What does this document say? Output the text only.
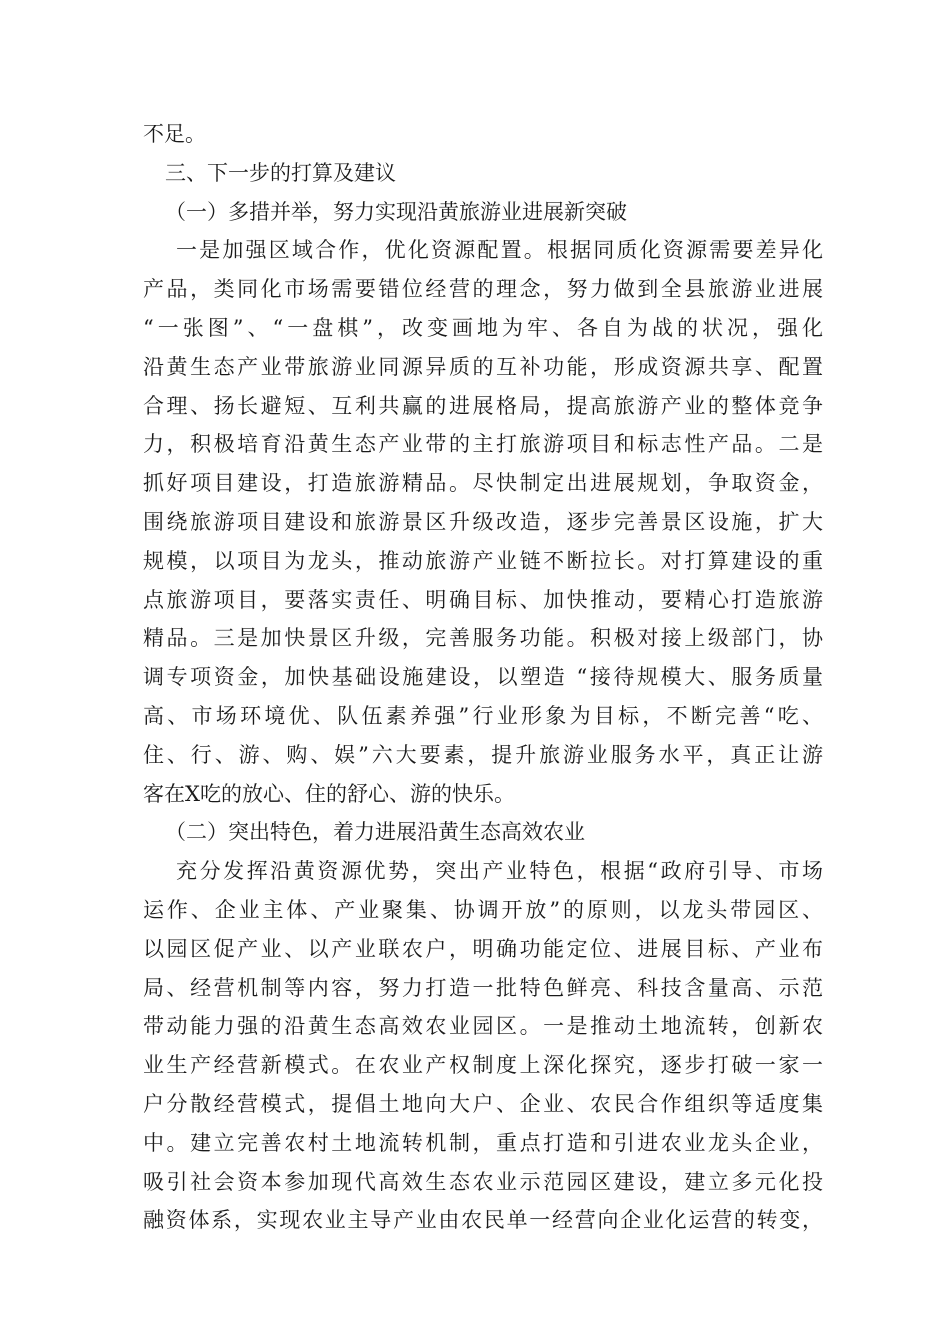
不足。
三、下一步的打算及建议
（一）多措并举，努力实现沿黄旅游业进展新突破
一是加强区域合作，优化资源配置。根据同质化资源需要差异化
产品，类同化市场需要错位经营的理念，努力做到全县旅游业进展
“一张图”、“一盘棋”，改变画地为牢、各自为战的状况，强化
沿黄生态产业带旅游业同源异质的互补功能，形成资源共享、配置
合理、扬长避短、互利共赢的进展格局，提高旅游产业的整体竞争
力，积极培育沿黄生态产业带的主打旅游项目和标志性产品。二是
抓好项目建设，打造旅游精品。尽快制定出进展规划，争取资金，
围绕旅游项目建设和旅游景区升级改造，逐步完善景区设施，扩大
规模，以项目为龙头，推动旅游产业链不断拉长。对打算建设的重
点旅游项目，要落实责任、明确目标、加快推动，要精心打造旅游
精品。三是加快景区升级，完善服务功能。积极对接上级部门，协
调专项资金，加快基础设施建设，以塑造 “接待规模大、服务质量
高、市场环境优、队伍素养强”行业形象为目标，不断完善“吃、
住、行、游、购、娱”六大要素，提升旅游业服务水平，真正让游
客在X吃的放心、住的舒心、游的快乐。
（二）突出特色，着力进展沿黄生态高效农业
充分发挥沿黄资源优势，突出产业特色，根据“政府引导、市场
运作、企业主体、产业聚集、协调开放”的原则，以龙头带园区、
以园区促产业、以产业联农户，明确功能定位、进展目标、产业布
局、经营机制等内容，努力打造一批特色鲜亮、科技含量高、示范
带动能力强的沿黄生态高效农业园区。一是推动土地流转，创新农
业生产经营新模式。在农业产权制度上深化探究，逐步打破一家一
户分散经营模式，提倡土地向大户、企业、农民合作组织等适度集
中。建立完善农村土地流转机制，重点打造和引进农业龙头企业，
吸引社会资本参加现代高效生态农业示范园区建设，建立多元化投
融资体系，实现农业主导产业由农民单一经营向企业化运营的转变，
